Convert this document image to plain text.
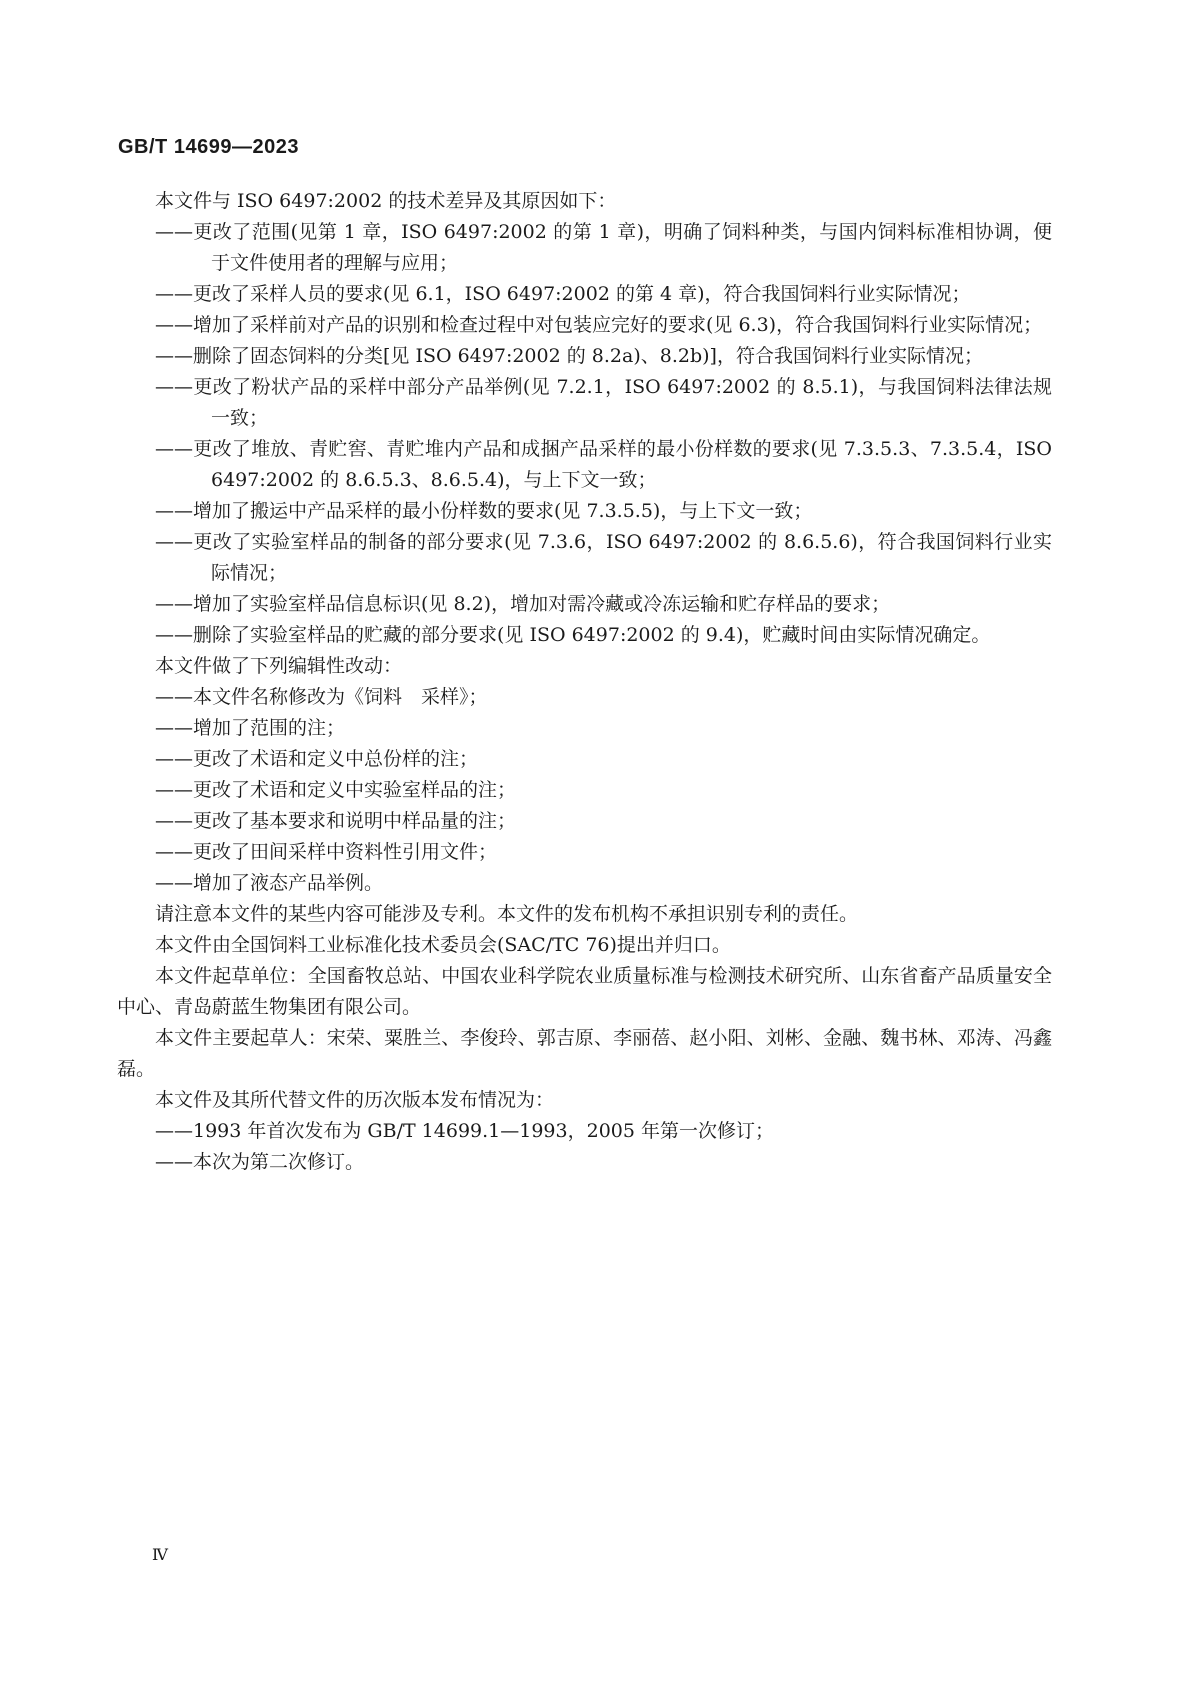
GB/T 14699—2023

本文件与 ISO 6497:2002 的技术差异及其原因如下：

——更改了范围(见第 1 章，ISO 6497:2002 的第 1 章)，明确了饲料种类，与国内饲料标准相协调，便于文件使用者的理解与应用；

——更改了采样人员的要求(见 6.1，ISO 6497:2002 的第 4 章)，符合我国饲料行业实际情况；

——增加了采样前对产品的识别和检查过程中对包装应完好的要求(见 6.3)，符合我国饲料行业实际情况；

——删除了固态饲料的分类[见 ISO 6497:2002 的 8.2a)、8.2b)]，符合我国饲料行业实际情况；

——更改了粉状产品的采样中部分产品举例(见 7.2.1，ISO 6497:2002 的 8.5.1)，与我国饲料法律法规一致；

——更改了堆放、青贮窖、青贮堆内产品和成捆产品采样的最小份样数的要求(见 7.3.5.3、7.3.5.4，ISO 6497:2002 的 8.6.5.3、8.6.5.4)，与上下文一致；

——增加了搬运中产品采样的最小份样数的要求(见 7.3.5.5)，与上下文一致；

——更改了实验室样品的制备的部分要求(见 7.3.6，ISO 6497:2002 的 8.6.5.6)，符合我国饲料行业实际情况；

——增加了实验室样品信息标识(见 8.2)，增加对需冷藏或冷冻运输和贮存样品的要求；

——删除了实验室样品的贮藏的部分要求(见 ISO 6497:2002 的 9.4)，贮藏时间由实际情况确定。

本文件做了下列编辑性改动：

——本文件名称修改为《饲料　采样》；

——增加了范围的注；

——更改了术语和定义中总份样的注；

——更改了术语和定义中实验室样品的注；

——更改了基本要求和说明中样品量的注；

——更改了田间采样中资料性引用文件；

——增加了液态产品举例。

请注意本文件的某些内容可能涉及专利。本文件的发布机构不承担识别专利的责任。

本文件由全国饲料工业标准化技术委员会(SAC/TC 76)提出并归口。

本文件起草单位：全国畜牧总站、中国农业科学院农业质量标准与检测技术研究所、山东省畜产品质量安全中心、青岛蔚蓝生物集团有限公司。

本文件主要起草人：宋荣、粟胜兰、李俊玲、郭吉原、李丽蓓、赵小阳、刘彬、金融、魏书林、邓涛、冯鑫磊。

本文件及其所代替文件的历次版本发布情况为：

——1993 年首次发布为 GB/T 14699.1—1993，2005 年第一次修订；

——本次为第二次修订。

Ⅳ
